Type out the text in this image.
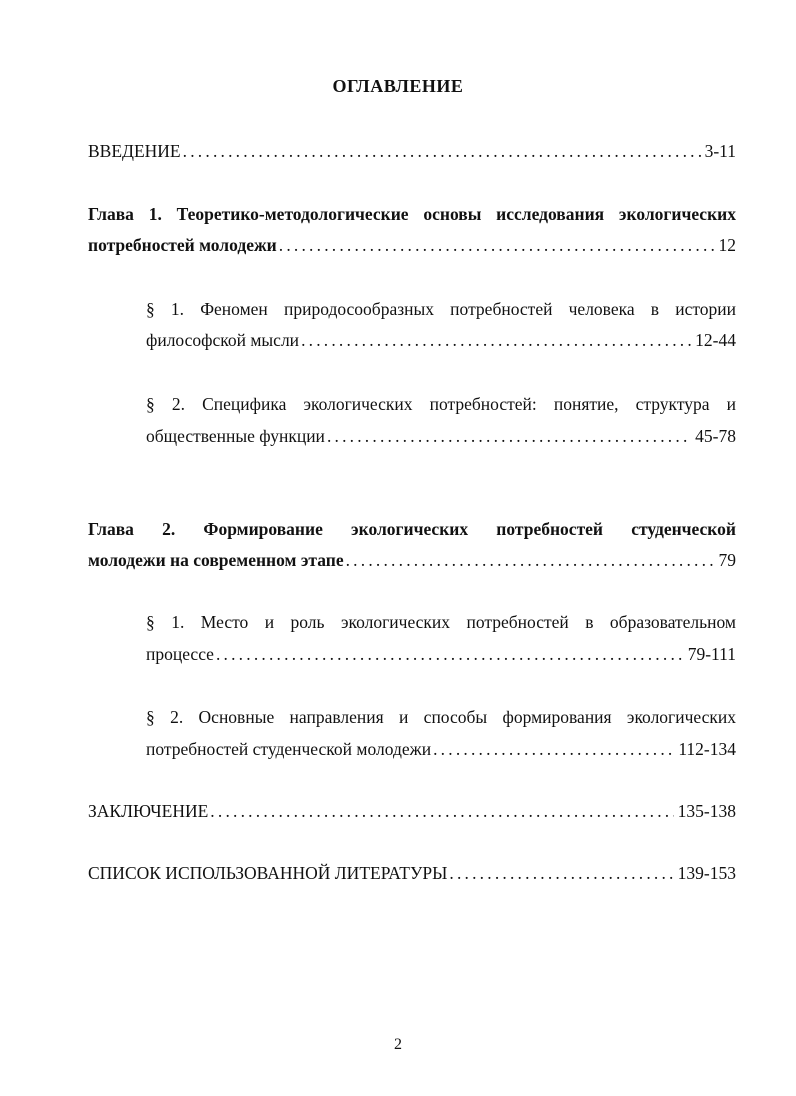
ОГЛАВЛЕНИЕ
ВВЕДЕНИЕ .....	3-11
Глава 1. Теоретико-методологические основы исследования экологических
потребностей молодежи .....	12
§ 1. Феномен природосообразных потребностей человека в истории
философской мысли .....	12-44
§ 2. Специфика экологических потребностей: понятие, структура и
общественные функции .....	45-78
Глава 2. Формирование экологических потребностей студенческой
молодежи на современном этапе .....	79
§ 1. Место и роль экологических потребностей в образовательном
процессе .....	79-111
§ 2. Основные направления и способы формирования экологических
потребностей студенческой молодежи .....	112-134
ЗАКЛЮЧЕНИЕ .....	135-138
СПИСОК ИСПОЛЬЗОВАННОЙ ЛИТЕРАТУРЫ .....	139-153
2
